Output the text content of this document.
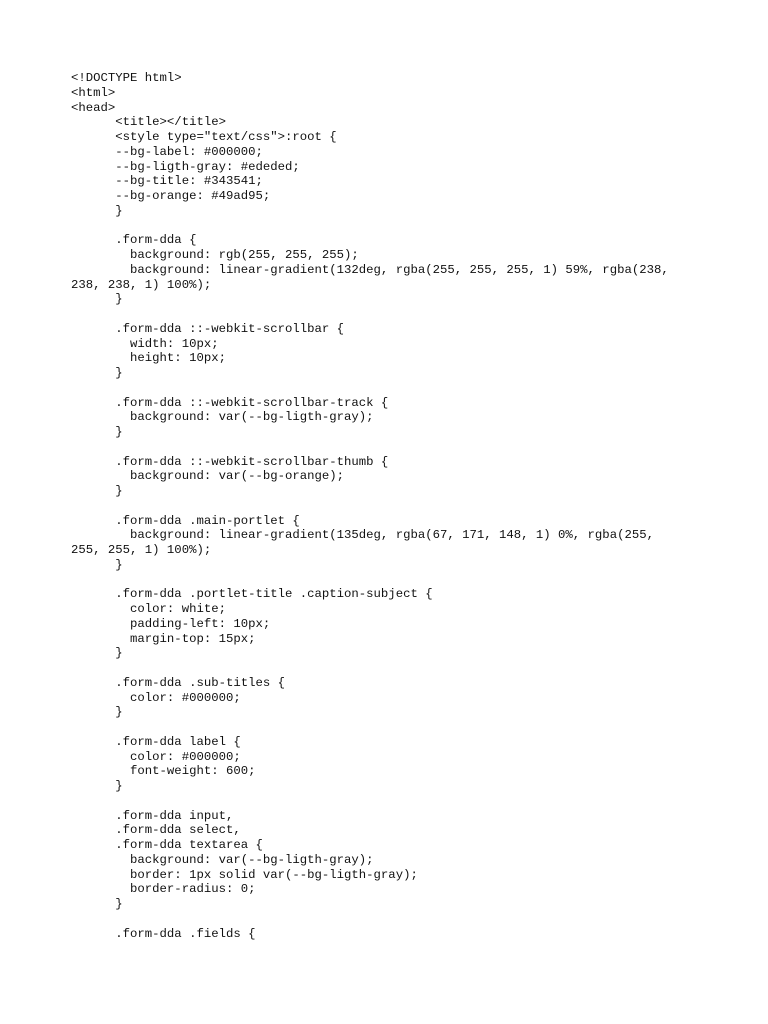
<!DOCTYPE html>
<html>
<head>
<title></title>
<style type="text/css">:root {
--bg-label: #000000;
--bg-ligth-gray: #ededed;
--bg-title: #343541;
--bg-orange: #49ad95;
}
.form-dda {
background: rgb(255, 255, 255);
background: linear-gradient(132deg, rgba(255, 255, 255, 1) 59%, rgba(238,
238, 238, 1) 100%);
}
.form-dda ::-webkit-scrollbar {
width: 10px;
height: 10px;
}
.form-dda ::-webkit-scrollbar-track {
background: var(--bg-ligth-gray);
}
.form-dda ::-webkit-scrollbar-thumb {
background: var(--bg-orange);
}
.form-dda .main-portlet {
background: linear-gradient(135deg, rgba(67, 171, 148, 1) 0%, rgba(255,
255, 255, 1) 100%);
}
.form-dda .portlet-title .caption-subject {
color: white;
padding-left: 10px;
margin-top: 15px;
}
.form-dda .sub-titles {
color: #000000;
}
.form-dda label {
color: #000000;
font-weight: 600;
}
.form-dda input,
.form-dda select,
.form-dda textarea {
background: var(--bg-ligth-gray);
border: 1px solid var(--bg-ligth-gray);
border-radius: 0;
}
.form-dda .fields {
